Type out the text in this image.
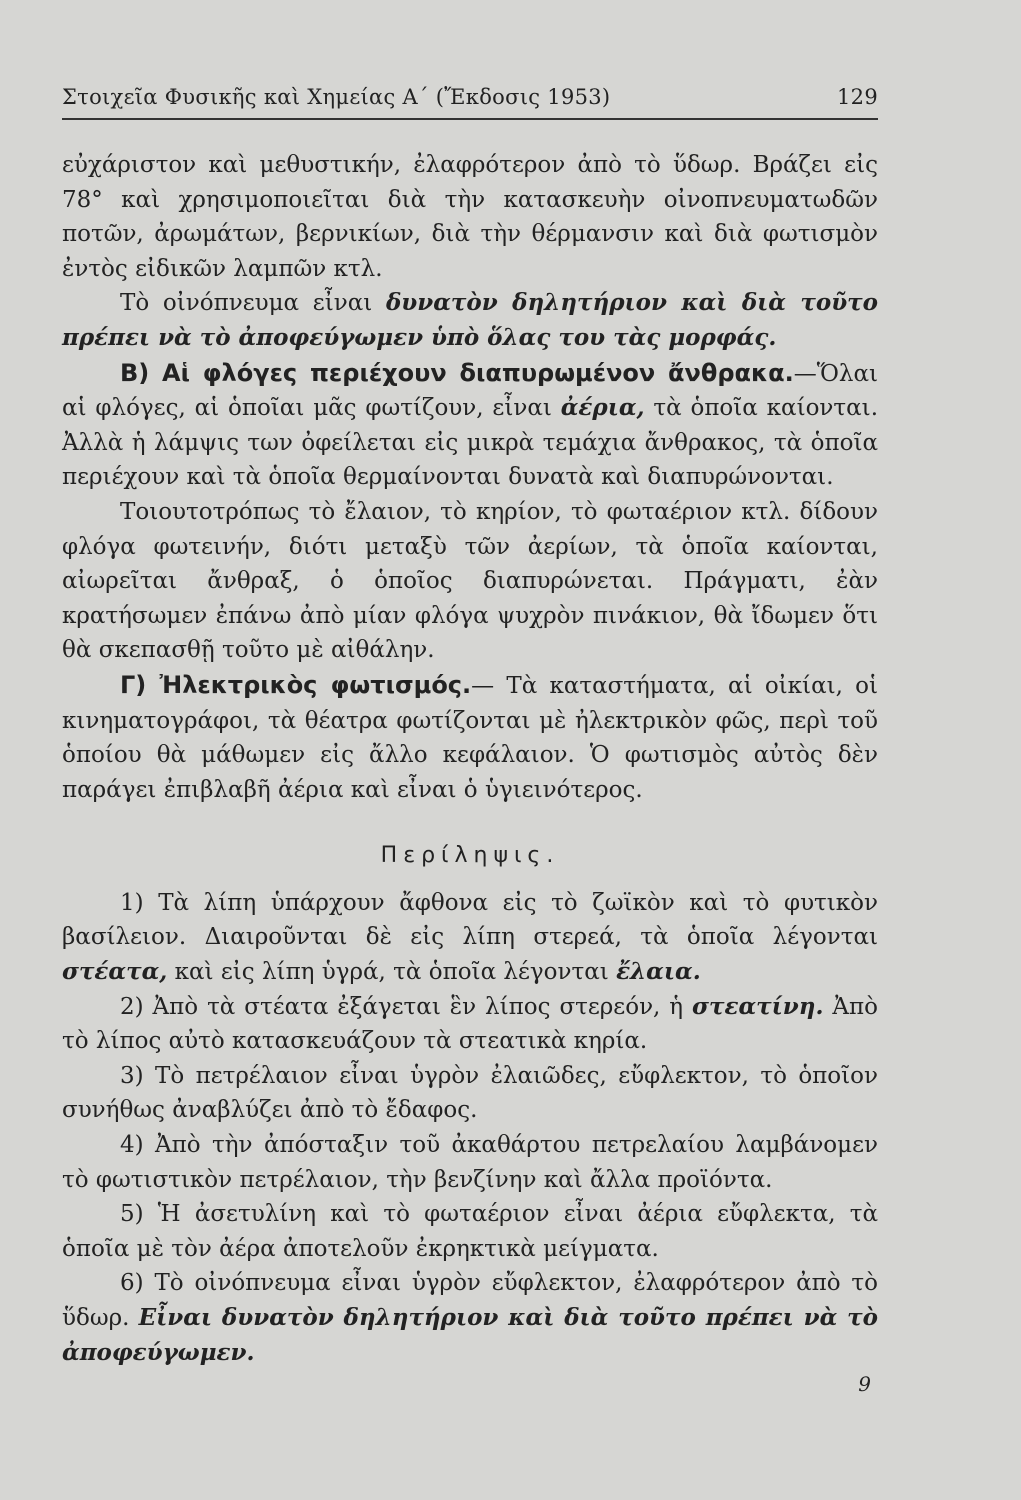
Στοιχεῖα Φυσικῆς καὶ Χημείας Α΄ (Ἔκδοσις 1953)	129

εὐχάριστον καὶ μεθυστικήν, ἐλαφρότερον ἀπὸ τὸ ὕδωρ. Βράζει εἰς 78° καὶ χρησιμοποιεῖται διὰ τὴν κατασκευὴν οἰνοπνευματωδῶν ποτῶν, ἀρωμάτων, βερνικίων, διὰ τὴν θέρμανσιν καὶ διὰ φωτισμὸν ἐντὸς εἰδικῶν λαμπῶν κτλ.

Τὸ οἰνόπνευμα εἶναι δυνατὸν δηλητήριον καὶ διὰ τοῦτο πρέπει νὰ τὸ ἀποφεύγωμεν ὑπὸ ὅλας του τὰς μορφάς.

Β) Αἱ φλόγες περιέχουν διαπυρωμένον ἄνθρακα.—Ὅλαι αἱ φλόγες, αἱ ὁποῖαι μᾶς φωτίζουν, εἶναι ἀέρια, τὰ ὁποῖα καίονται. Ἀλλὰ ἡ λάμψις των ὀφείλεται εἰς μικρὰ τεμάχια ἄνθρακος, τὰ ὁποῖα περιέχουν καὶ τὰ ὁποῖα θερμαίνονται δυνατὰ καὶ διαπυρώνονται.

Τοιουτοτρόπως τὸ ἔλαιον, τὸ κηρίον, τὸ φωταέριον κτλ. δίδουν φλόγα φωτεινήν, διότι μεταξὺ τῶν ἀερίων, τὰ ὁποῖα καίονται, αἰωρεῖται ἄνθραξ, ὁ ὁποῖος διαπυρώνεται. Πράγματι, ἐὰν κρατήσωμεν ἐπάνω ἀπὸ μίαν φλόγα ψυχρὸν πινάκιον, θὰ ἴδωμεν ὅτι θὰ σκεπασθῇ τοῦτο μὲ αἰθάλην.

Γ) Ἠλεκτρικὸς φωτισμός.— Τὰ καταστήματα, αἱ οἰκίαι, οἱ κινηματογράφοι, τὰ θέατρα φωτίζονται μὲ ἠλεκτρικὸν φῶς, περὶ τοῦ ὁποίου θὰ μάθωμεν εἰς ἄλλο κεφάλαιον. Ὁ φωτισμὸς αὐτὸς δὲν παράγει ἐπιβλαβῆ ἀέρια καὶ εἶναι ὁ ὑγιεινότερος.

Περίληψις.

1) Τὰ λίπη ὑπάρχουν ἄφθονα εἰς τὸ ζωϊκὸν καὶ τὸ φυτικὸν βασίλειον. Διαιροῦνται δὲ εἰς λίπη στερεά, τὰ ὁποῖα λέγονται στέατα, καὶ εἰς λίπη ὑγρά, τὰ ὁποῖα λέγονται ἔλαια.

2) Ἀπὸ τὰ στέατα ἐξάγεται ἓν λίπος στερεόν, ἡ στεατίνη. Ἀπὸ τὸ λίπος αὐτὸ κατασκευάζουν τὰ στεατικὰ κηρία.

3) Τὸ πετρέλαιον εἶναι ὑγρὸν ἐλαιῶδες, εὔφλεκτον, τὸ ὁποῖον συνήθως ἀναβλύζει ἀπὸ τὸ ἔδαφος.

4) Ἀπὸ τὴν ἀπόσταξιν τοῦ ἀκαθάρτου πετρελαίου λαμβάνομεν τὸ φωτιστικὸν πετρέλαιον, τὴν βενζίνην καὶ ἄλλα προϊόντα.

5) Ἡ ἀσετυλίνη καὶ τὸ φωταέριον εἶναι ἀέρια εὔφλεκτα, τὰ ὁποῖα μὲ τὸν ἀέρα ἀποτελοῦν ἐκρηκτικὰ μείγματα.

6) Τὸ οἰνόπνευμα εἶναι ὑγρὸν εὔφλεκτον, ἐλαφρότερον ἀπὸ τὸ ὕδωρ. Εἶναι δυνατὸν δηλητήριον καὶ διὰ τοῦτο πρέπει νὰ τὸ ἀποφεύγωμεν.

9
